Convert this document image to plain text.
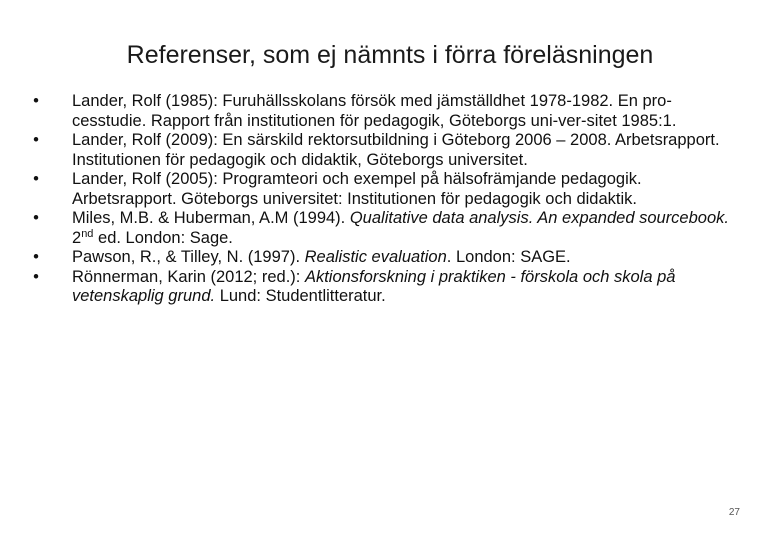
Referenser, som ej nämnts i förra föreläsningen
•	Lander, Rolf (1985): Furuhällsskolans försök med jämställdhet 1978-1982. En pro-cesstudie. Rapport från institutionen för pedagogik, Göteborgs uni-ver-sitet 1985:1.
•	Lander, Rolf (2009): En särskild rektorsutbildning i Göteborg 2006 – 2008. Arbetsrapport. Institutionen för pedagogik och didaktik, Göteborgs universitet.
•	Lander, Rolf (2005): Programteori och exempel på hälsofrämjande pedagogik. Arbetsrapport. Göteborgs universitet: Institutionen för pedagogik och didaktik.
•	Miles, M.B. & Huberman, A.M (1994). Qualitative data analysis. An expanded sourcebook. 2nd ed. London: Sage.
•	Pawson, R., & Tilley, N. (1997). Realistic evaluation. London: SAGE.
•	Rönnerman, Karin (2012; red.): Aktionsforskning i praktiken - förskola och skola på vetenskaplig grund. Lund: Studentlitteratur.
27
